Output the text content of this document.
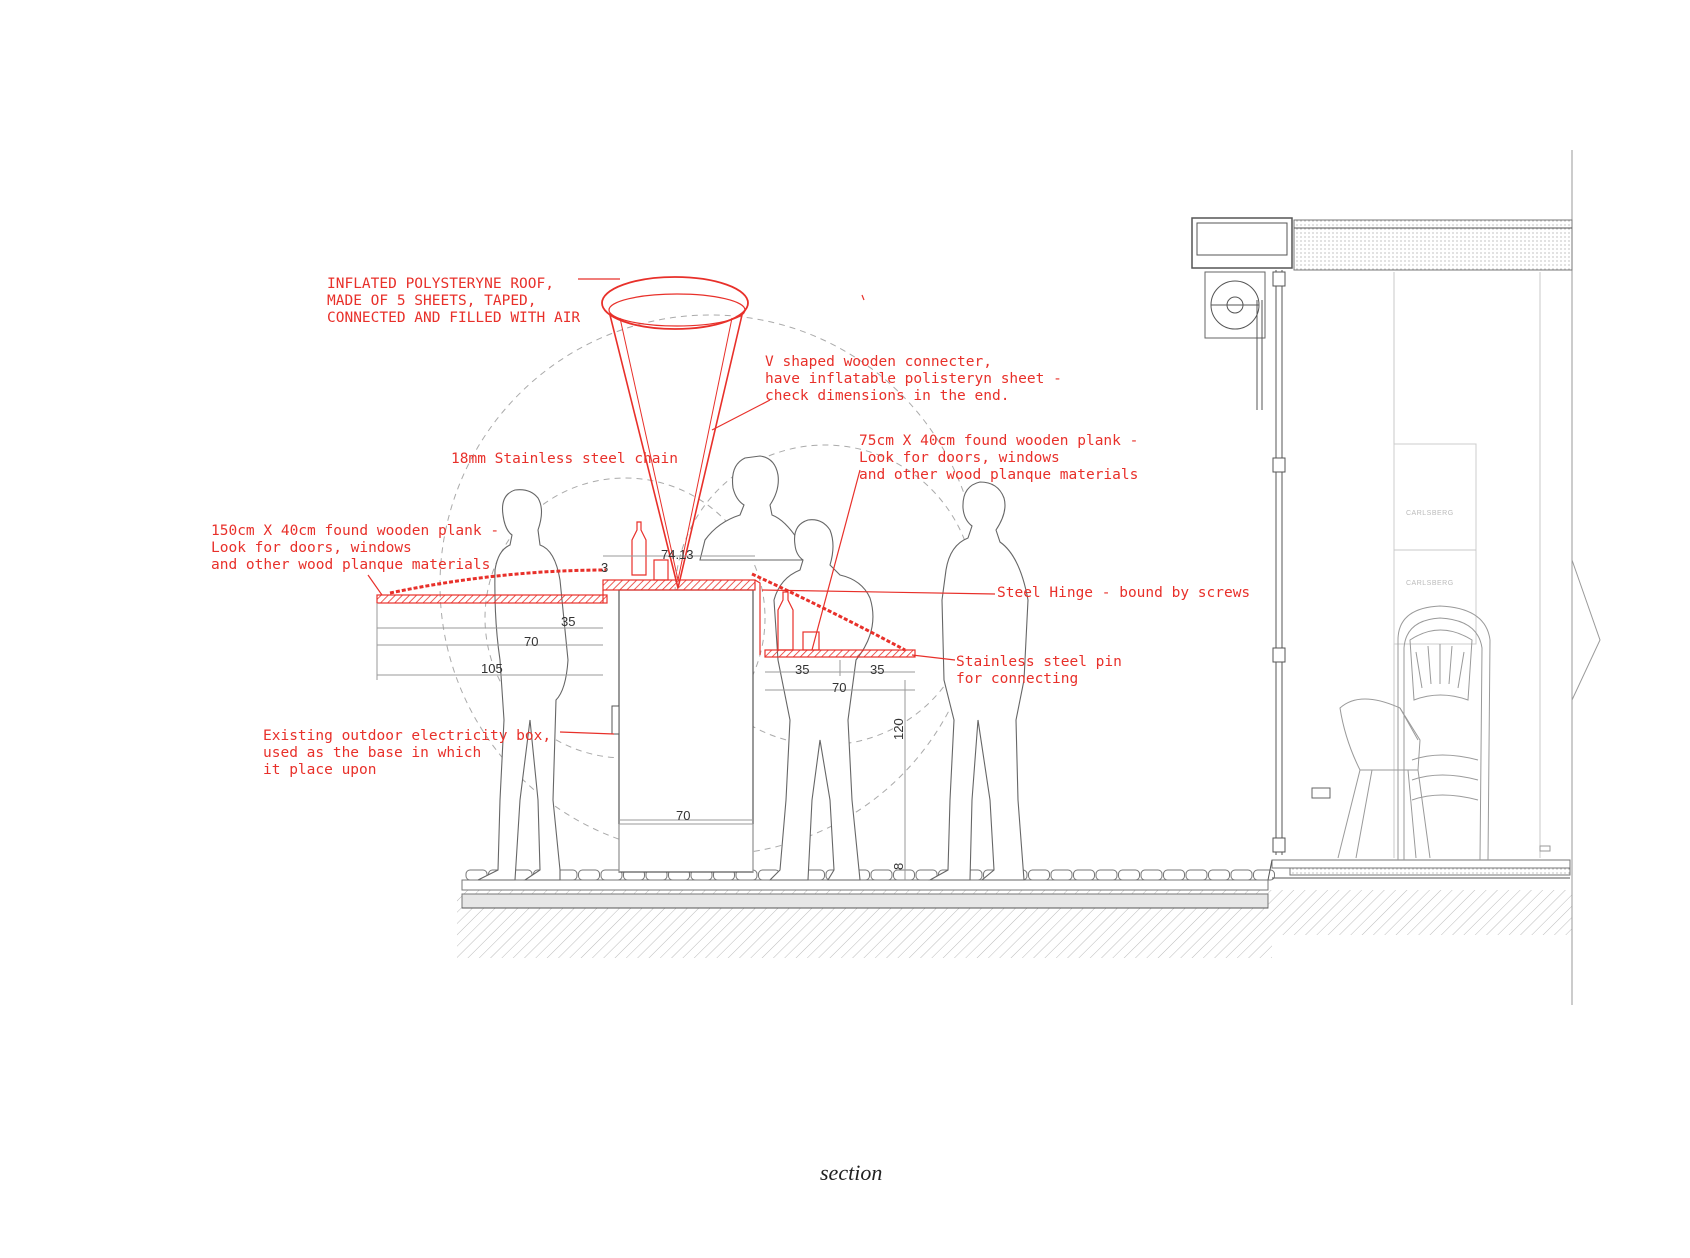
CARLSBERG
CARLSBERG
74.13
3
35
70
105	35	35
70
120
70
8
INFLATED POLYSTERYNE ROOF, MADE OF 5 SHEETS, TAPED, CONNECTED AND FILLED WITH AIR
V shaped wooden connecter, have inflatable polisteryn sheet - check dimensions in the end.
18mm Stainless steel chain
75cm X 40cm found wooden plank - Look for doors, windows and other wood planque materials
150cm X 40cm found wooden plank - Look for doors, windows and other wood planque materials
Steel Hinge - bound by screws
Stainless steel pin for connecting
Existing outdoor electricity box, used as the base in which it place upon
section
